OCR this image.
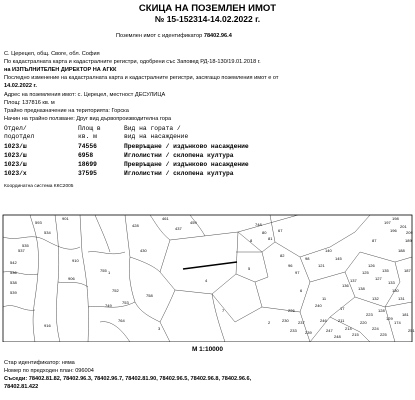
СКИЦА НА ПОЗЕМЛЕН ИМОТ
№ 15-152314-14.02.2022 г.
Поземлен имот с идентификатор 78402.96.4
С. Церецел, общ. Своге, обл. София
По кадастралната карта и кадастралните регистри, одобрени със Заповед РД-18-130/19.01.2018 г.
на ИЗПЪЛНИТЕЛЕН ДИРЕКТОР НА АГКК
Последно изменение на кадастралната карта и кадастралните регистри, засягащо поземления имот е от
14.02.2022 г.
Адрес на поземления имот: с. Церецел, местност ДЕСУЛИЦА
Площ: 137816 кв. м
Трайно предназначение на територията: Горска
Начин на трайно ползване: Друг вид дървопроизводителна гора
Отдел/	Площ в	Вид на гората /
подотдел	кв. м	вид на насаждение
1023/ш	74556	Превръщане / издънково насаждение
1023/ш	6958	Иглолистни / склопена култура
1023/ш	18699	Превръщане / издънково насаждение
1023/х	37595	Иглолистни / склопена култура
Координатна система ККС2005
4
5
3
2
7
8
6
11
17
67
87
593
537
542
536
538
539
535
534
901
910
906
916
1
428
430
437
461
459
749
752
755
764
753
758
748
80
81
82
96
97
98
121
140
145
136
137
138
125
126
127
135
133
130
131
132
128
129
174
181
187
188
189
196
197
198
201
209
211
214
215
220
223
224
225
226
230
233
237
239
240
246
247
248
251
М 1:10000
Стар идентификатор: няма
Номер по предходен план: 096004
Съседи: 78402.81.82, 78402.96.3, 78402.96.7, 78402.81.90, 78402.96.5, 78402.96.8, 78402.96.6,
78402.81.422
